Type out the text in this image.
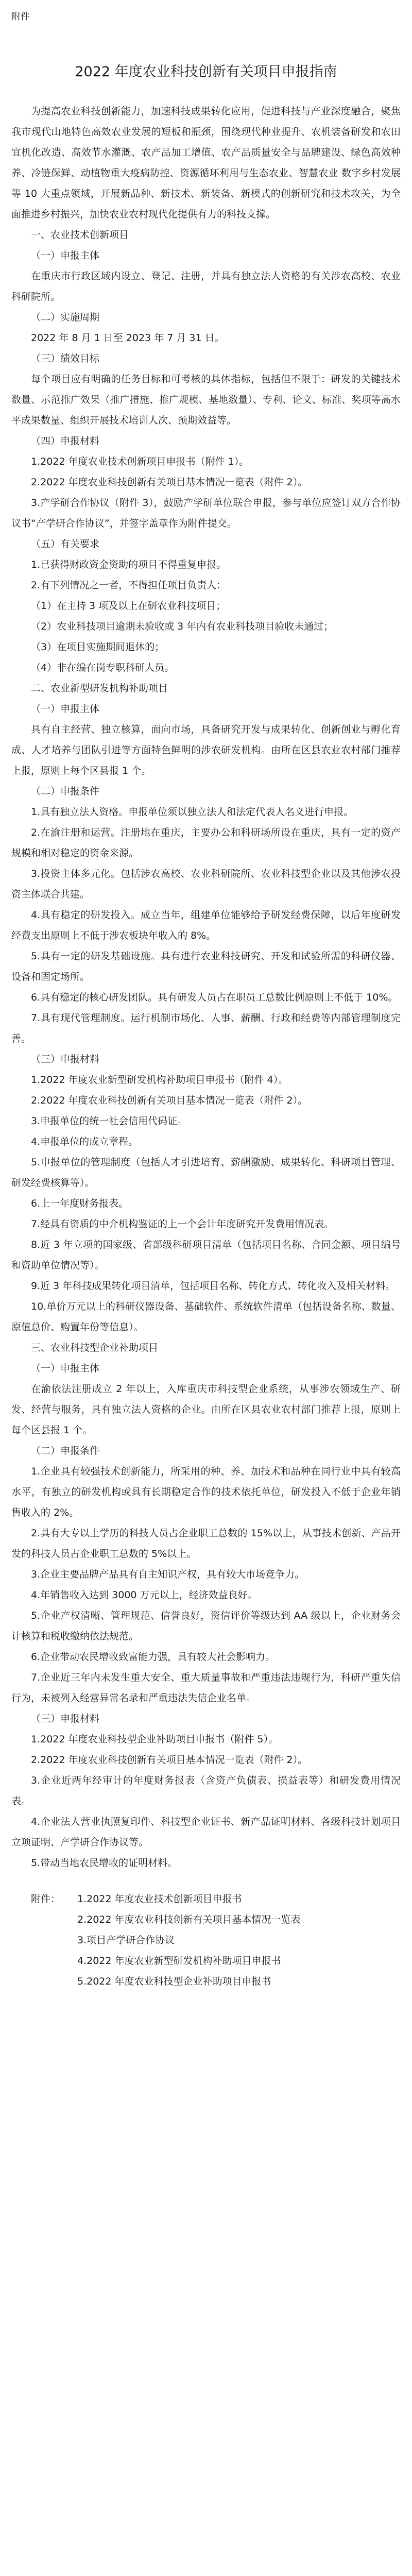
附件
2022 年度农业科技创新有关项目申报指南

为提高农业科技创新能力，加速科技成果转化应用，促进科技与产业深度融合，聚焦我市现代山地特色高效农业发展的短板和瓶颈，围绕现代种业提升、农机装备研发和农田宜机化改造、高效节水灌溉、农产品加工增值、农产品质量安全与品牌建设、绿色高效种养、冷链保鲜、动植物重大疫病防控、资源循环利用与生态农业、智慧农业 数字乡村发展等 10 大重点领域，开展新品种、新技术、新装备、新模式的创新研究和技术攻关，为全面推进乡村振兴，加快农业农村现代化提供有力的科技支撑。

一、农业技术创新项目

（一）申报主体

在重庆市行政区域内设立、登记、注册，并具有独立法人资格的有关涉农高校、农业科研院所。

（二）实施周期

2022 年 8 月 1 日至 2023 年 7 月 31 日。

（三）绩效目标

每个项目应有明确的任务目标和可考核的具体指标，包括但不限于：研发的关键技术数量、示范推广效果（推广措施、推广规模、基地数量）、专利、论文、标准、奖项等高水平成果数量、组织开展技术培训人次、预期效益等。

（四）申报材料

1.2022 年度农业技术创新项目申报书（附件 1）。

2.2022 年度农业科技创新有关项目基本情况一览表（附件 2）。

3.产学研合作协议（附件 3），鼓励产学研单位联合申报，参与单位应签订双方合作协议书“产学研合作协议”，并签字盖章作为附件提交。

（五）有关要求

1.已获得财政资金资助的项目不得重复申报。

2.有下列情况之一者，不得担任项目负责人：

（1）在主持 3 项及以上在研农业科技项目；

（2）农业科技项目逾期未验收或 3 年内有农业科技项目验收未通过；

（3）在项目实施期间退休的；

（4）非在编在岗专职科研人员。

二、农业新型研发机构补助项目

（一）申报主体

具有自主经营、独立核算，面向市场，具备研究开发与成果转化、创新创业与孵化育成、人才培养与团队引进等方面特色鲜明的涉农研发机构。由所在区县农业农村部门推荐上报，原则上每个区县报 1 个。

（二）申报条件

1.具有独立法人资格。申报单位须以独立法人和法定代表人名义进行申报。

2.在渝注册和运营。注册地在重庆，主要办公和科研场所设在重庆，具有一定的资产规模和相对稳定的资金来源。

3.投资主体多元化。包括涉农高校、农业科研院所、农业科技型企业以及其他涉农投资主体联合共建。

4.具有稳定的研发投入。成立当年，组建单位能够给予研发经费保障，以后年度研发经费支出原则上不低于涉农板块年收入的 8%。

5.具有一定的研发基础设施。具有进行农业科技研究、开发和试验所需的科研仪器、设备和固定场所。

6.具有稳定的核心研发团队。具有研发人员占在职员工总数比例原则上不低于 10%。

7.具有现代管理制度。运行机制市场化、人事、薪酬、行政和经费等内部管理制度完善。

（三）申报材料

1.2022 年度农业新型研发机构补助项目申报书（附件 4）。

2.2022 年度农业科技创新有关项目基本情况一览表（附件 2）。

3.申报单位的统一社会信用代码证。

4.申报单位的成立章程。

5.申报单位的管理制度（包括人才引进培育、薪酬激励、成果转化、科研项目管理、研发经费核算等）。

6.上一年度财务报表。

7.经具有资质的中介机构鉴证的上一个会计年度研究开发费用情况表。

8.近 3 年立项的国家级、省部级科研项目清单（包括项目名称、合同金额、项目编号和资助单位情况等）。

9.近 3 年科技成果转化项目清单，包括项目名称、转化方式、转化收入及相关材料。

10.单价万元以上的科研仪器设备、基础软件、系统软件清单（包括设备名称、数量、原值总价、购置年份等信息）。

三、农业科技型企业补助项目

（一）申报主体

在渝依法注册成立 2 年以上，入库重庆市科技型企业系统，从事涉农领域生产、研发、经营与服务，具有独立法人资格的企业。由所在区县农业农村部门推荐上报，原则上每个区县报 1 个。

（二）申报条件

1.企业具有较强技术创新能力，所采用的种、养、加技术和品种在同行业中具有较高水平，有独立的研发机构或具有长期稳定合作的技术依托单位，研发投入不低于企业年销售收入的 2%。

2.具有大专以上学历的科技人员占企业职工总数的 15%以上，从事技术创新、产品开发的科技人员占企业职工总数的 5%以上。

3.企业主要品牌产品具有自主知识产权，具有较大市场竞争力。

4.年销售收入达到 3000 万元以上，经济效益良好。

5.企业产权清晰、管理规范、信誉良好，资信评价等级达到 AA 级以上，企业财务会计核算和税收缴纳依法规范。

6.企业带动农民增收致富能力强，具有较大社会影响力。

7.企业近三年内未发生重大安全、重大质量事故和严重违法违规行为，科研严重失信行为，未被列入经营异常名录和严重违法失信企业名单。

（三）申报材料

1.2022 年度农业科技型企业补助项目申报书（附件 5）。

2.2022 年度农业科技创新有关项目基本情况一览表（附件 2）。

3.企业近两年经审计的年度财务报表（含资产负债表、损益表等）和研发费用情况表。

4.企业法人营业执照复印件、科技型企业证书、新产品证明材料、各级科技计划项目立项证明、产学研合作协议等。

5.带动当地农民增收的证明材料。

附件：	1.2022 年度农业技术创新项目申报书
2.2022 年度农业科技创新有关项目基本情况一览表
3.项目产学研合作协议
4.2022 年度农业新型研发机构补助项目申报书
5.2022 年度农业科技型企业补助项目申报书
